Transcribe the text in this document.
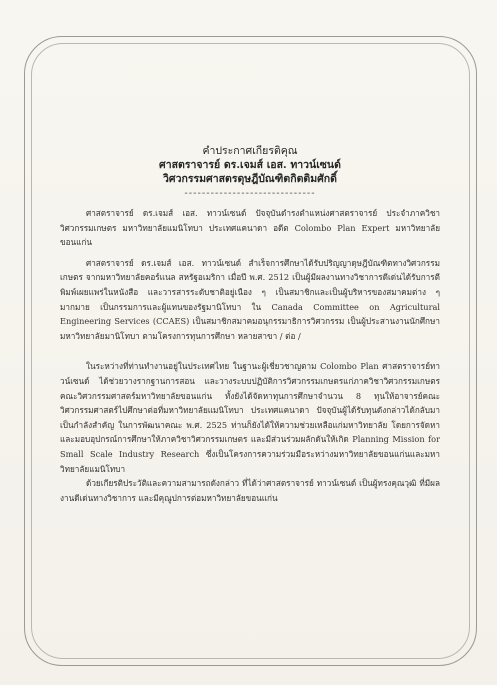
คำประกาศเกียรติคุณ

ศาสตราจารย์ ดร.เจมส์ เอส. ทาวน์เซนด์

วิศวกรรมศาสตรดุษฎีบัณฑิตกิตติมศักดิ์

------------------------------

ศาสตราจารย์ ดร.เจมส์ เอส. ทาวน์เซนด์ ปัจจุบันดำรงตำแหน่งศาสตราจารย์ ประจำภาควิชาวิศวกรรมเกษตร มหาวิทยาลัยแมนิโทบา ประเทศแคนาดา อดีต Colombo Plan Expert มหาวิทยาลัยขอนแก่น

ศาสตราจารย์ ดร.เจมส์ เอส. ทาวน์เซนด์ สำเร็จการศึกษาได้รับปริญญาดุษฎีบัณฑิตทางวิศวกรรมเกษตร จากมหาวิทยาลัยคอร์แนล สหรัฐอเมริกา เมื่อปี พ.ศ. 2512 เป็นผู้มีผลงานทางวิชาการดีเด่นได้รับการตีพิมพ์เผยแพร่ในหนังสือ และวารสารระดับชาติอยู่เนือง ๆ เป็นสมาชิกและเป็นผู้บริหารของสมาคมต่าง ๆ มากมาย เป็นกรรมการและผู้แทนของรัฐมานิโทบา ใน Canada Committee on Agricultural Engineering Services (CCAES) เป็นสมาชิกสมาคมอนุกรรมาธิการวิศวกรรม เป็นผู้ประสานงานนักศึกษามหาวิทยาลัยมานิโทบา ตามโครงการทุนการศึกษา หลายสาขา / ต่อ /

ในระหว่างที่ท่านทำงานอยู่ในประเทศไทย ในฐานะผู้เชี่ยวชาญตาม Colombo Plan ศาสตราจารย์ทาวน์เซนด์ ได้ช่วยวางรากฐานการสอน และวางระบบปฏิบัติการวิศวกรรมเกษตรแก่ภาควิชาวิศวกรรมเกษตร คณะวิศวกรรมศาสตร์มหาวิทยาลัยขอนแก่น ทั้งยังได้จัดหาทุนการศึกษาจำนวน 8 ทุนให้อาจารย์คณะวิศวกรรมศาสตร์ไปศึกษาต่อที่มหาวิทยาลัยแมนิโทบา ประเทศแคนาดา ปัจจุบันผู้ได้รับทุนดังกล่าวได้กลับมาเป็นกำลังสำคัญ ในการพัฒนาคณะ พ.ศ. 2525 ท่านก็ยังได้ให้ความช่วยเหลือแก่มหาวิทยาลัย โดยการจัดหาและมอบอุปกรณ์การศึกษาให้ภาควิชาวิศวกรรมเกษตร และมีส่วนร่วมผลักดันให้เกิด Planning Mission for Small Scale Industry Research ซึ่งเป็นโครงการความร่วมมือระหว่างมหาวิทยาลัยขอนแก่นและมหาวิทยาลัยแมนิโทบา

ด้วยเกียรติประวัติและความสามารถดังกล่าว ที่ได้ว่าศาสตราจารย์ ทาวน์เซนด์ เป็นผู้ทรงคุณวุฒิ ที่มีผลงานดีเด่นทางวิชาการ และมีคุณูปการต่อมหาวิทยาลัยขอนแก่น
